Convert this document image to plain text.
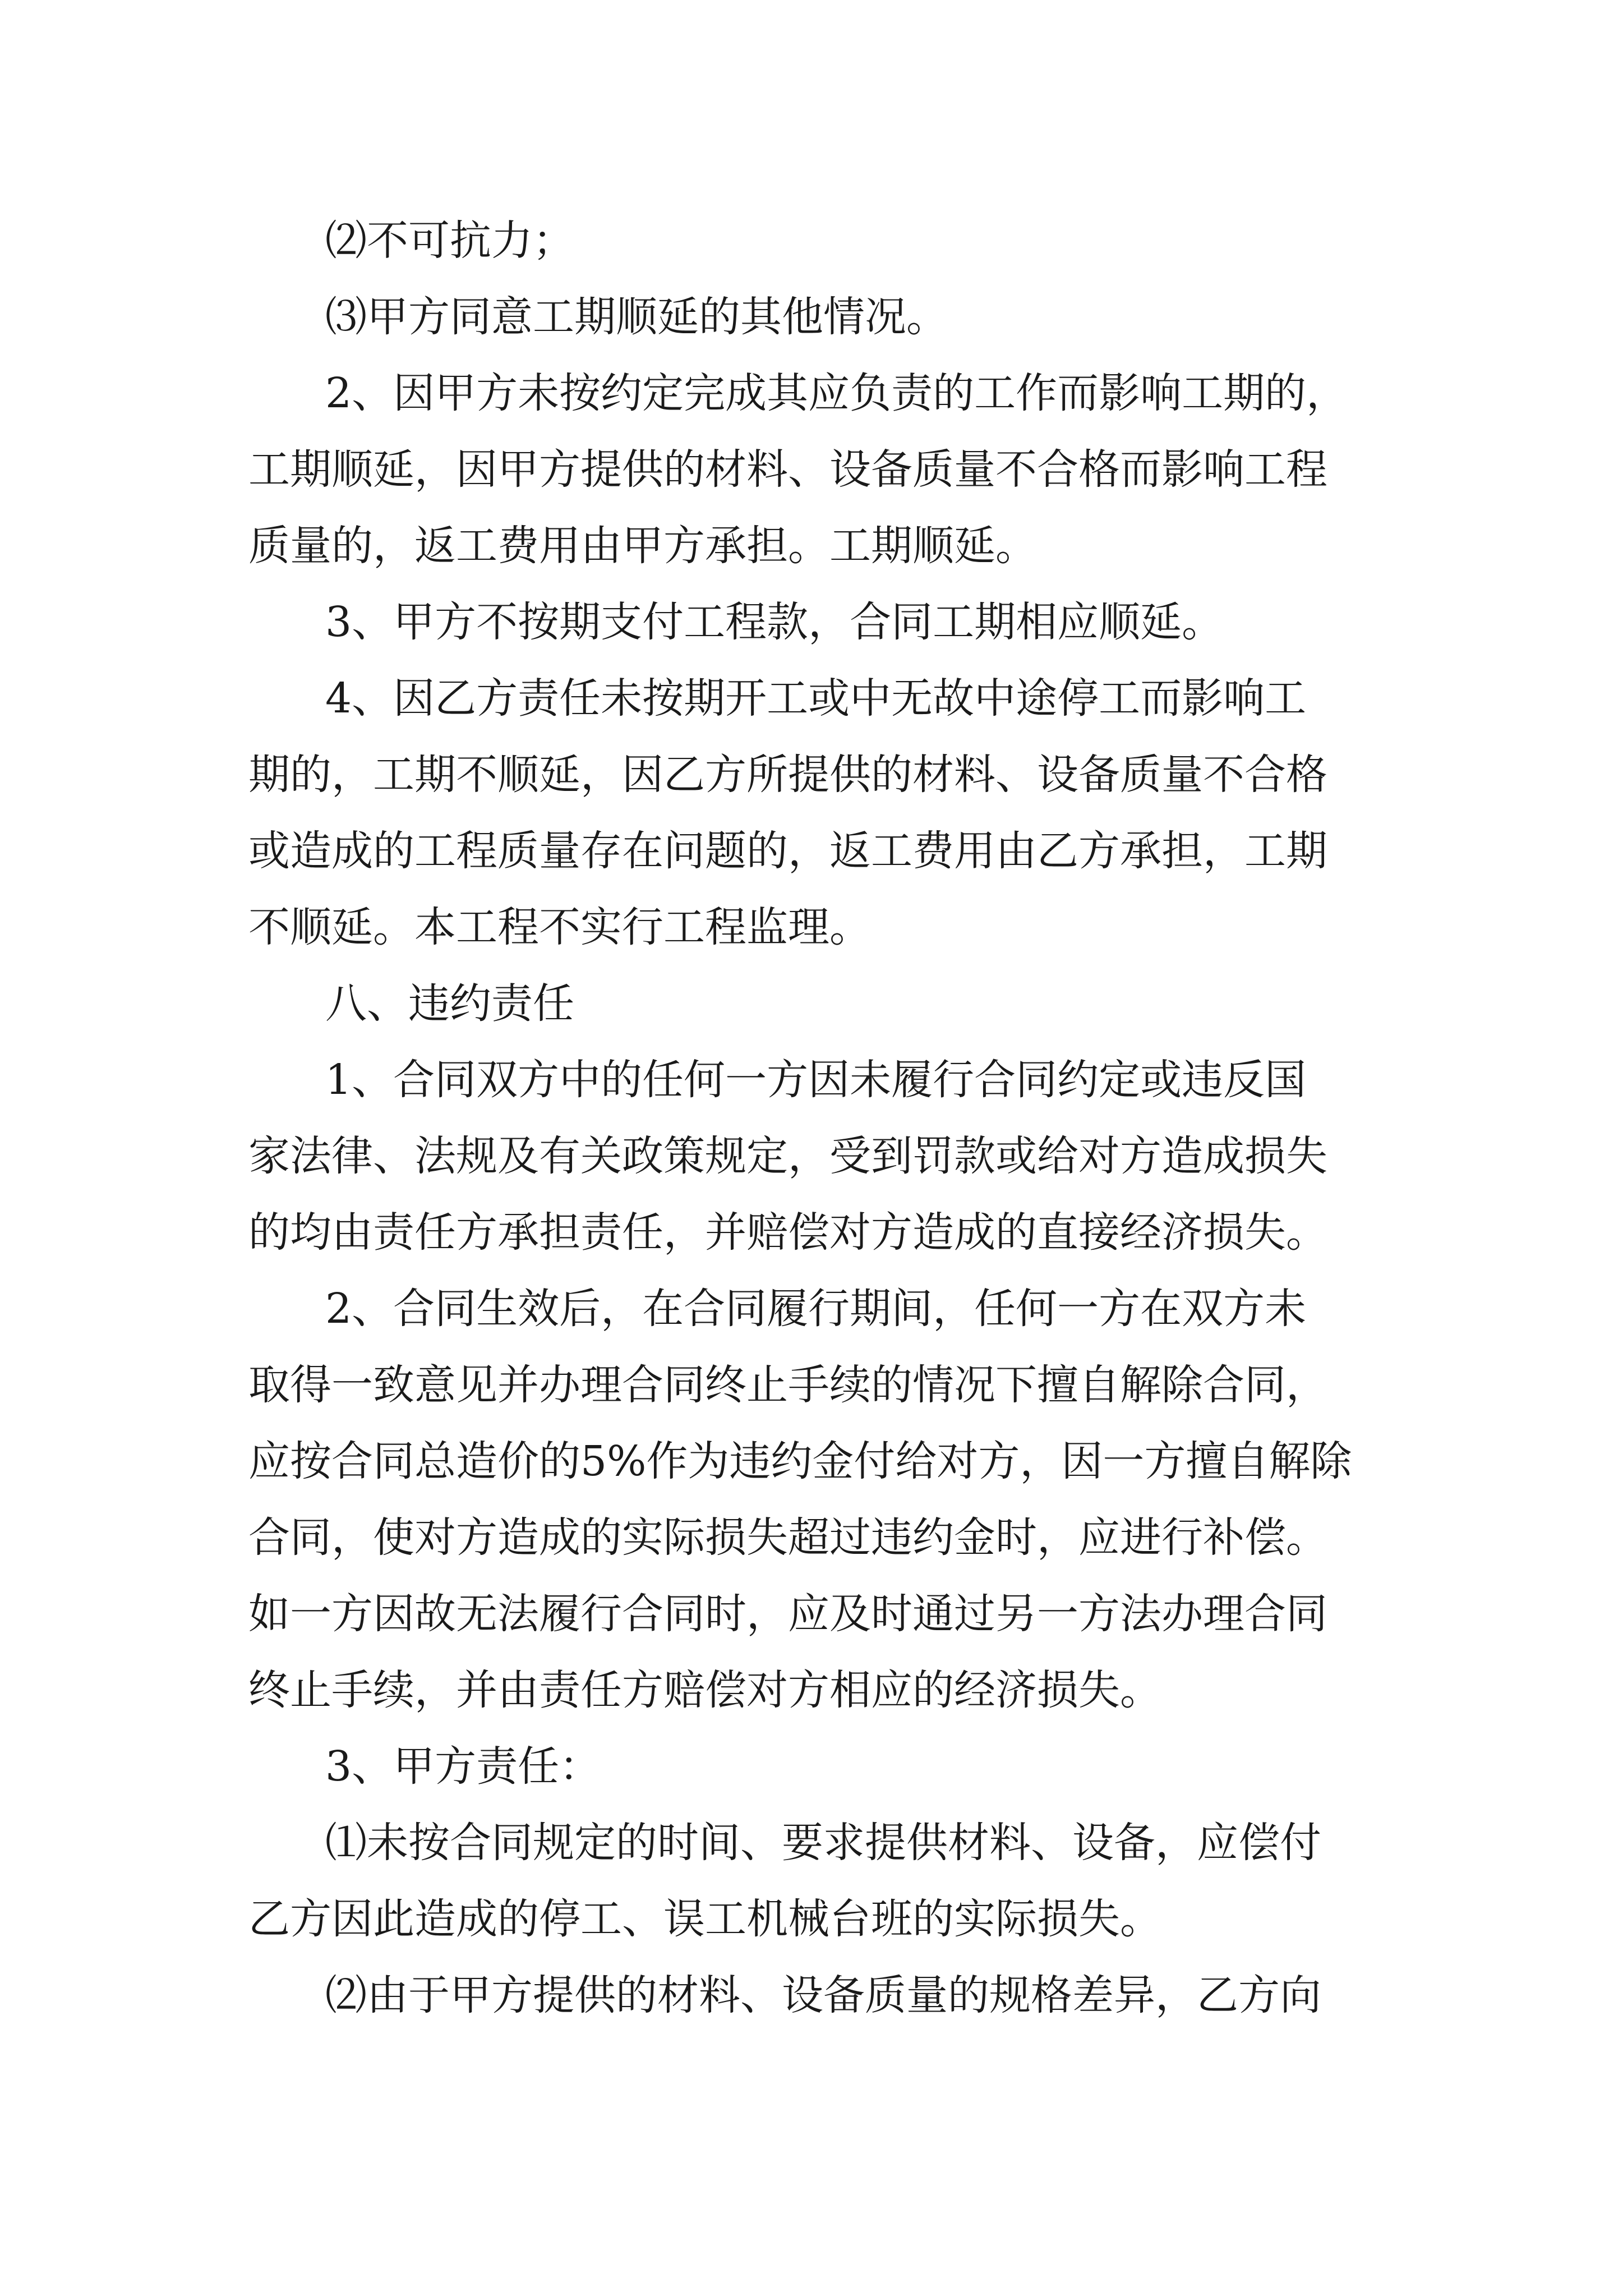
⑵不可抗力；

⑶甲方同意工期顺延的其他情况。

2、因甲方未按约定完成其应负责的工作而影响工期的，

工期顺延，因甲方提供的材料、设备质量不合格而影响工程

质量的，返工费用由甲方承担。工期顺延。

3、甲方不按期支付工程款，合同工期相应顺延。

4、因乙方责任未按期开工或中无故中途停工而影响工

期的，工期不顺延，因乙方所提供的材料、设备质量不合格

或造成的工程质量存在问题的，返工费用由乙方承担，工期

不顺延。本工程不实行工程监理。

八、违约责任

1、合同双方中的任何一方因未履行合同约定或违反国

家法律、法规及有关政策规定，受到罚款或给对方造成损失

的均由责任方承担责任，并赔偿对方造成的直接经济损失。

2、合同生效后，在合同履行期间，任何一方在双方未

取得一致意见并办理合同终止手续的情况下擅自解除合同，

应按合同总造价的5%作为违约金付给对方，因一方擅自解除

合同，使对方造成的实际损失超过违约金时，应进行补偿。

如一方因故无法履行合同时，应及时通过另一方法办理合同

终止手续，并由责任方赔偿对方相应的经济损失。

3、甲方责任：

⑴未按合同规定的时间、要求提供材料、设备，应偿付

乙方因此造成的停工、误工机械台班的实际损失。

⑵由于甲方提供的材料、设备质量的规格差异，乙方向
